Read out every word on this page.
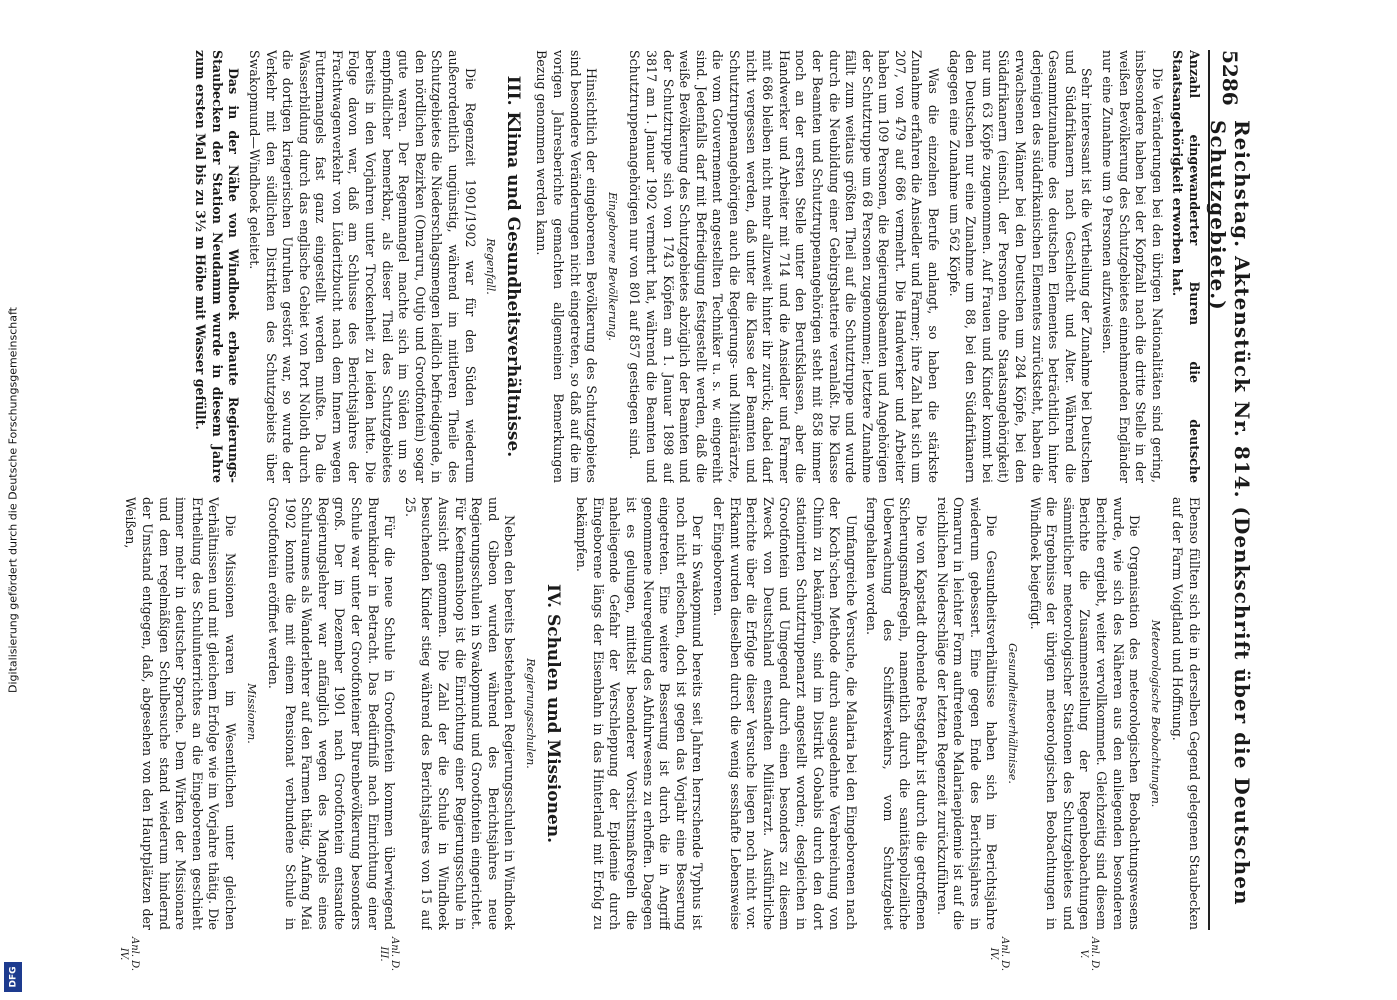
Digitalisierung gefördert durch die Deutsche Forschungsgemeinschaft
DFG
5286
Reichstag. Aktenstück Nr. 814. (Denkschrift über die Deutschen Schutzgebiete.)

Anzahl eingewanderter Buren die deutsche Staatsangehörigkeit erworben hat.

Die Veränderungen bei den übrigen Nationalitäten sind gering, insbesondere haben bei der Kopfzahl nach die dritte Stelle in der weißen Bevölkerung des Schutzgebietes einnehmenden Engländer nur eine Zunahme um 9 Personen aufzuweisen.

Sehr interessant ist die Vertheilung der Zunahme bei Deutschen und Südafrikanern nach Geschlecht und Alter. Während die Gesammtzunahme des deutschen Elementes beträchtlich hinter derjenigen des südafrikanischen Elementes zurücksteht, haben die erwachsenen Männer bei den Deutschen um 284 Köpfe, bei den Südafrikanern (einschl. der Personen ohne Staatsangehörigkeit) nur um 63 Köpfe zugenommen. Auf Frauen und Kinder kommt bei den Deutschen nur eine Zunahme um 88, bei den Südafrikanern dagegen eine Zunahme um 562 Köpfe.

Was die einzelnen Berufe anlangt, so haben die stärkste Zunahme erfahren die Ansiedler und Farmer; ihre Zahl hat sich um 207, von 479 auf 686 vermehrt. Die Handwerker und Arbeiter haben um 109 Personen, die Regierungsbeamten und Angehörigen der Schutztruppe um 68 Personen zugenommen; letztere Zunahme fällt zum weitaus größten Theil auf die Schutztruppe und wurde durch die Neubildung einer Gebirgsbatterie veranlaßt. Die Klasse der Beamten und Schutztruppenangehörigen steht mit 858 immer noch an der ersten Stelle unter den Berufsklassen, aber die Handwerker und Arbeiter mit 714 und die Ansiedler und Farmer mit 686 bleiben nicht mehr allzuweit hinter ihr zurück; dabei darf nicht vergessen werden, daß unter die Klasse der Beamten und Schutztruppenangehörigen auch die Regierungs- und Militärärzte, die vom Gouvernement angestellten Techniker u. s. w. eingereiht sind. Jedenfalls darf mit Befriedigung festgestellt werden, daß die weiße Bevölkerung des Schutzgebietes abzüglich der Beamten und der Schutztruppe sich von 1743 Köpfen am 1. Januar 1898 auf 3817 am 1. Januar 1902 vermehrt hat, während die Beamten und Schutztruppenangehörigen nur von 801 auf 857 gestiegen sind.

Eingeborene Bevölkerung.

Hinsichtlich der eingeborenen Bevölkerung des Schutzgebietes sind besondere Veränderungen nicht eingetreten, so daß auf die im vorigen Jahresberichte gemachten allgemeinen Bemerkungen Bezug genommen werden kann.

III. Klima und Gesundheitsverhältnisse.
Regenfall.

Die Regenzeit 1901/1902 war für den Süden wiederum außerordentlich ungünstig, während im mittleren Theile des Schutzgebietes die Niederschlagsmengen leidlich befriedigende, in den nördlichen Bezirken (Omaruru, Outjo und Grootfontein) sogar gute waren. Der Regenmangel machte sich im Süden um so empfindlicher bemerkbar, als dieser Theil des Schutzgebietes bereits in den Vorjahren unter Trockenheit zu leiden hatte. Die Folge davon war, daß am Schlusse des Berichtsjahres der Frachtwagenverkehr von Lüderitzbucht nach dem Innern wegen Futtermangels fast ganz eingestellt werden mußte. Da die Wasserbildung durch das englische Gebiet von Port Nolloth durch die dortigen kriegerischen Unruhen gestört war, so wurde der Verkehr mit den südlichen Distrikten des Schutzgebiets über Swakopmund—Windhoek geleitet.

Das in der Nähe von Windhoek erbaute Regierungs-Staubecken der Station Neudamm wurde in diesem Jahre zum ersten Mal bis zu 3½ m Höhe mit Wasser gefüllt.

Ebenso füllten sich die in derselben Gegend gelegenen Staubecken auf der Farm Voigtland und Hoffnung.

Meteorologische Beobachtungen.

Die Organisation des meteorologischen Beobachtungswesens wurde, wie sich des Näheren aus den anliegenden besonderen Berichte ergiebt, weiter vervollkommnet. Gleichzeitig sind diesem Berichte die Zusammenstellung der Regenbeobachtungen sämmtlicher meteorologischer Stationen des Schutzgebietes und die Ergebnisse der übrigen meteorologischen Beobachtungen in Windhoek beigefügt.

Gesundheitsverhältnisse.

Die Gesundheitsverhältnisse haben sich im Berichtsjahre wiederum gebessert. Eine gegen Ende des Berichtsjahres in Omaruru in leichter Form auftretende Malariaepidemie ist auf die reichlichen Niederschläge der letzten Regenzeit zurückzuführen.

Die von Kapstadt drohende Pestgefahr ist durch die getroffenen Sicherungsmaßregeln, namentlich durch die sanitätspolizeiliche Ueberwachung des Schiffsverkehrs, vom Schutzgebiet ferngehalten worden.

Umfangreiche Versuche, die Malaria bei den Eingeborenen nach der Koch'schen Methode durch ausgedehnte Verabreichung von Chinin zu bekämpfen, sind im Distrikt Gobabis durch den dort stationirten Schutztruppenarzt angestellt worden; desgleichen in Grootfontein und Umgegend durch einen besonders zu diesem Zweck von Deutschland entsandten Militärarzt. Ausführliche Berichte über die Erfolge dieser Versuche liegen noch nicht vor. Erkannt wurden dieselben durch die wenig sesshafte Lebensweise der Eingeborenen.

Der in Swakopmund bereits seit Jahren herrschende Typhus ist noch nicht erloschen, doch ist gegen das Vorjahr eine Besserung eingetreten. Eine weitere Besserung ist durch die in Angriff genommene Neuregelung des Abfuhrwesens zu erhoffen. Dagegen ist es gelungen, mittelst besonderer Vorsichtsmaßregeln die naheliegende Gefahr der Verschleppung der Epidemie durch Eingeborene längs der Eisenbahn in das Hinterland mit Erfolg zu bekämpfen.

IV. Schulen und Missionen.
Regierungsschulen.

Neben den bereits bestehenden Regierungsschulen in Windhoek und Gibeon wurden während des Berichtsjahres neue Regierungsschulen in Swakopmund und Grootfontein eingerichtet. Für Keetmanshoop ist die Einrichtung einer Regierungsschule in Aussicht genommen. Die Zahl der die Schule in Windhoek besuchenden Kinder stieg während des Berichtsjahres von 15 auf 25.

Für die neue Schule in Grootfontein kommen überwiegend Burenkinder in Betracht. Das Bedürfniß nach Einrichtung einer Schule war unter der Grootfonteiner Burenbevölkerung besonders groß. Der im Dezember 1901 nach Grootfontein entsandte Regierungslehrer war anfänglich wegen des Mangels eines Schulraumes als Wanderlehrer auf den Farmen thätig. Anfang Mai 1902 konnte die mit einem Pensionat verbundene Schule in Grootfontein eröffnet werden.

Missionen.

Die Missionen waren im Wesentlichen unter gleichen Verhältnissen und mit gleichem Erfolge wie im Vorjahre thätig. Die Ertheilung des Schulunterrichtes an die Eingeborenen geschieht immer mehr in deutscher Sprache. Dem Wirken der Missionare und dem regelmäßigen Schulbesuche stand wiederum hindernd der Umstand entgegen, daß, abgesehen von den Hauptplätzen der Weißen,

Anl. D. V.
Anl. D. IV.
Anl. D. III.
Anl. D. IV.
